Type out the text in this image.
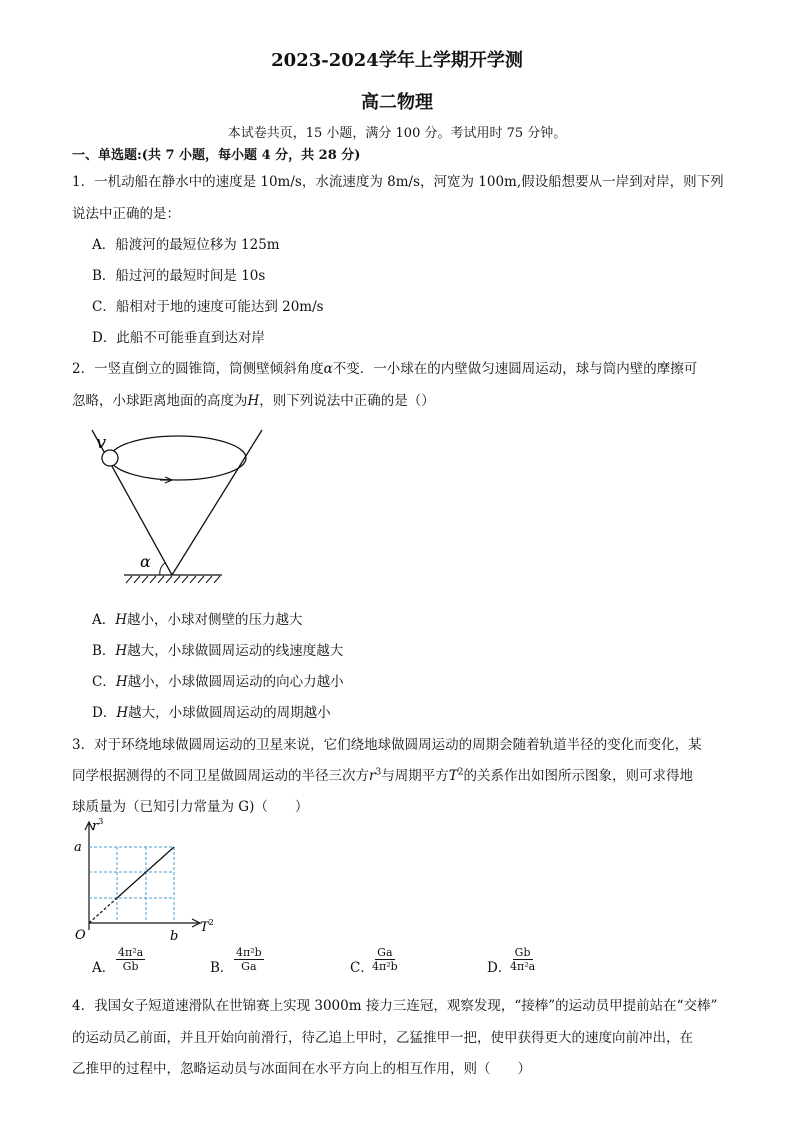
2023-2024学年上学期开学测
高二物理
本试卷共页，15 小题，满分 100 分。考试用时 75 分钟。
一、单选题:(共 7 小题，每小题 4 分，共 28 分)
1．一机动船在静水中的速度是 10m/s，水流速度为 8m/s，河宽为 100m,假设船想要从一岸到对岸，则下列
说法中正确的是：
A．船渡河的最短位移为 125m
B．船过河的最短时间是 10s
C．船相对于地的速度可能达到 20m/s
D．此船不可能垂直到达对岸
2．一竖直倒立的圆锥筒，筒侧壁倾斜角度α不变．一小球在的内壁做匀速圆周运动，球与筒内壁的摩擦可
忽略，小球距离地面的高度为H，则下列说法中正确的是（）
v
α
A．H越小，小球对侧壁的压力越大
B．H越大，小球做圆周运动的线速度越大
C．H越小，小球做圆周运动的向心力越小
D．H越大，小球做圆周运动的周期越小
3．对于环绕地球做圆周运动的卫星来说，它们绕地球做圆周运动的周期会随着轨道半径的变化而变化，某
同学根据测得的不同卫星做圆周运动的半径三次方$r^3$与周期平方$T^2$的关系作出如图所示图象，则可求得地
球质量为（已知引力常量为 G)（　　）
$r^3$
$T^2$
a
b
O
A． $\frac{\text{4π²a}}{Gb}$	B． $\frac{\text{4π²b}}{Ga}$	C．
$\frac{Ga}{\text{4π²b}}$	D．
$\frac{Gb}{\text{4π²a}}$
4．我国女子短道速滑队在世锦赛上实现 3000m 接力三连冠，观察发现，“接棒”的运动员甲提前站在“交棒”
的运动员乙前面，并且开始向前滑行，待乙追上甲时，乙猛推甲一把，使甲获得更大的速度向前冲出，在
乙推甲的过程中，忽略运动员与冰面间在水平方向上的相互作用，则（　　）
